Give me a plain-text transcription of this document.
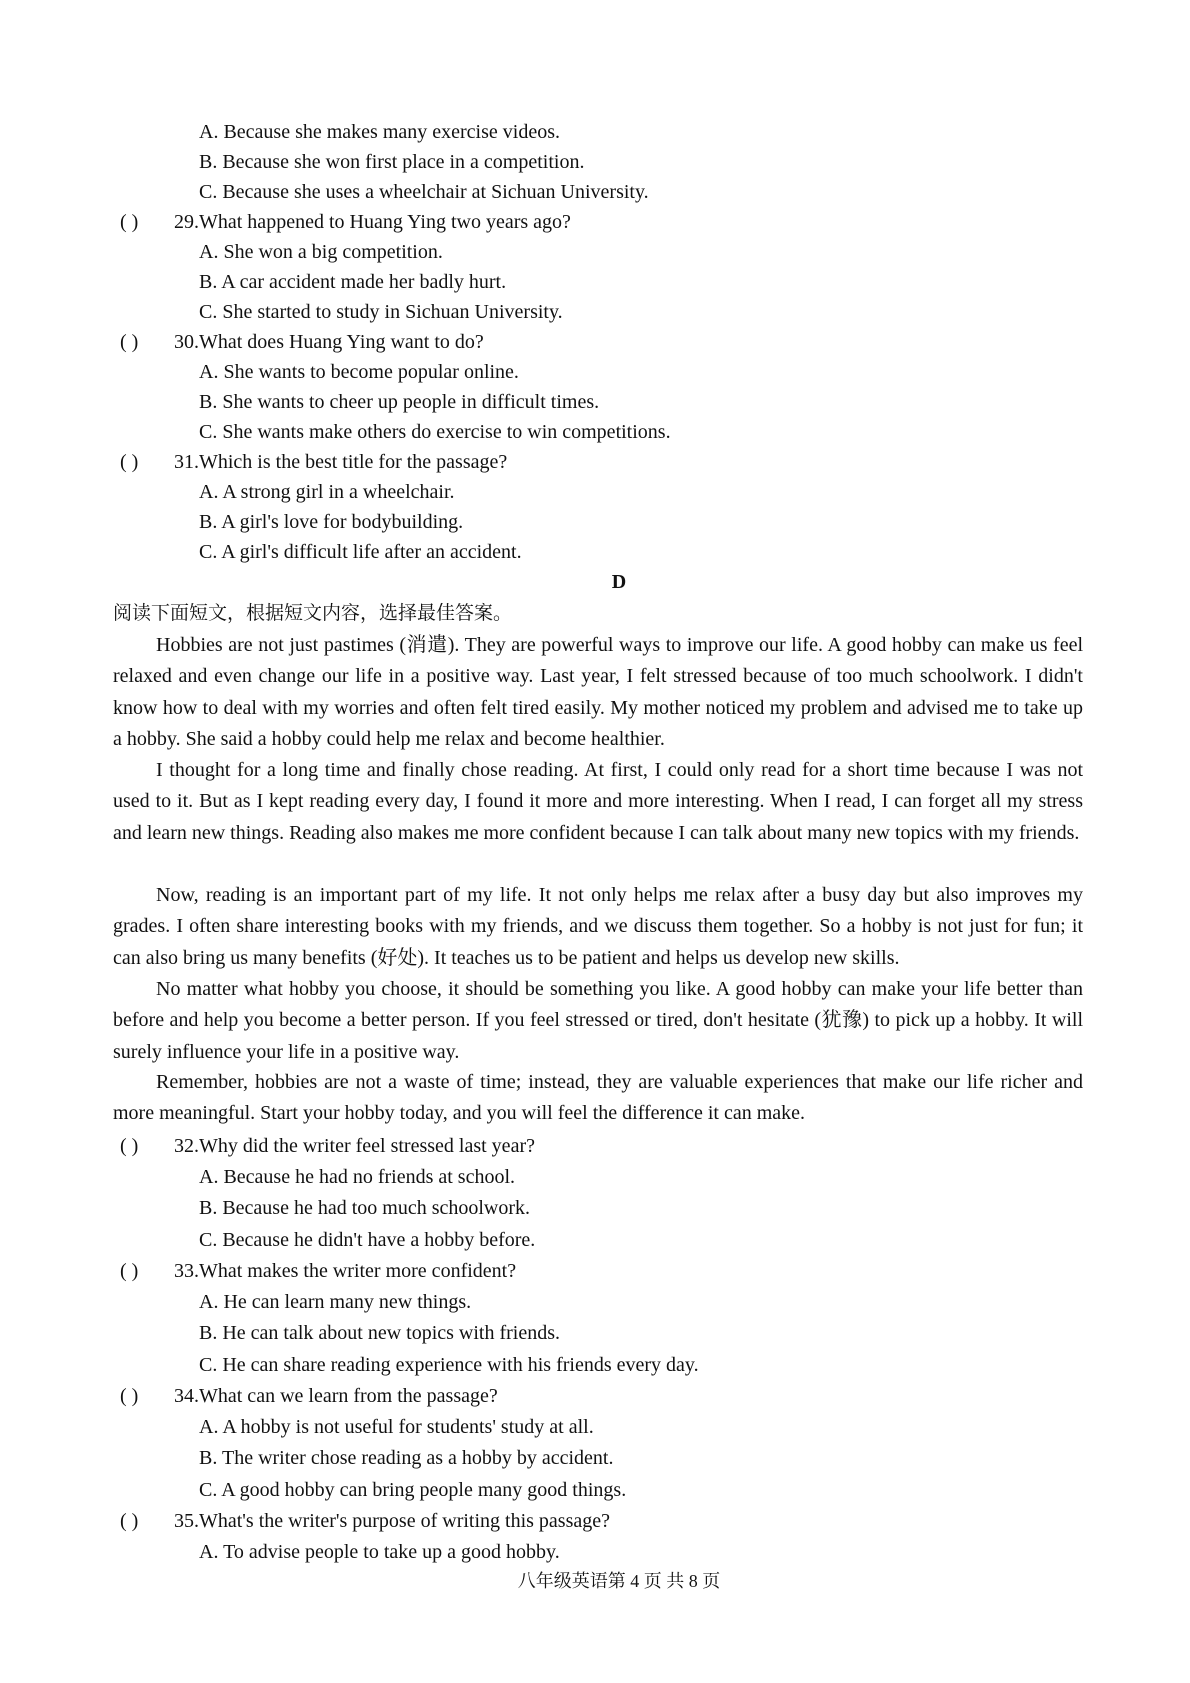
A. Because she makes many exercise videos.
B. Because she won first place in a competition.
C. Because she uses a wheelchair at Sichuan University.
( ) 29.What happened to Huang Ying two years ago?
A. She won a big competition.
B. A car accident made her badly hurt.
C. She started to study in Sichuan University.
( ) 30.What does Huang Ying want to do?
A. She wants to become popular online.
B. She wants to cheer up people in difficult times.
C. She wants make others do exercise to win competitions.
( ) 31.Which is the best title for the passage?
A. A strong girl in a wheelchair.
B. A girl's love for bodybuilding.
C. A girl's difficult life after an accident.
D
阅读下面短文，根据短文内容，选择最佳答案。
Hobbies are not just pastimes (消遣). They are powerful ways to improve our life. A good hobby can make us feel relaxed and even change our life in a positive way. Last year, I felt stressed because of too much schoolwork. I didn't know how to deal with my worries and often felt tired easily. My mother noticed my problem and advised me to take up a hobby. She said a hobby could help me relax and become healthier.
I thought for a long time and finally chose reading. At first, I could only read for a short time because I was not used to it. But as I kept reading every day, I found it more and more interesting. When I read, I can forget all my stress and learn new things. Reading also makes me more confident because I can talk about many new topics with my friends.
Now, reading is an important part of my life. It not only helps me relax after a busy day but also improves my grades. I often share interesting books with my friends, and we discuss them together. So a hobby is not just for fun; it can also bring us many benefits (好处). It teaches us to be patient and helps us develop new skills.
No matter what hobby you choose, it should be something you like. A good hobby can make your life better than before and help you become a better person. If you feel stressed or tired, don't hesitate (犹豫) to pick up a hobby. It will surely influence your life in a positive way.
Remember, hobbies are not a waste of time; instead, they are valuable experiences that make our life richer and more meaningful. Start your hobby today, and you will feel the difference it can make.
( ) 32.Why did the writer feel stressed last year?
A. Because he had no friends at school.
B. Because he had too much schoolwork.
C. Because he didn't have a hobby before.
( ) 33.What makes the writer more confident?
A. He can learn many new things.
B. He can talk about new topics with friends.
C. He can share reading experience with his friends every day.
( ) 34.What can we learn from the passage?
A. A hobby is not useful for students' study at all.
B. The writer chose reading as a hobby by accident.
C. A good hobby can bring people many good things.
( ) 35.What's the writer's purpose of writing this passage?
A. To advise people to take up a good hobby.
八年级英语第 4 页 共 8 页
